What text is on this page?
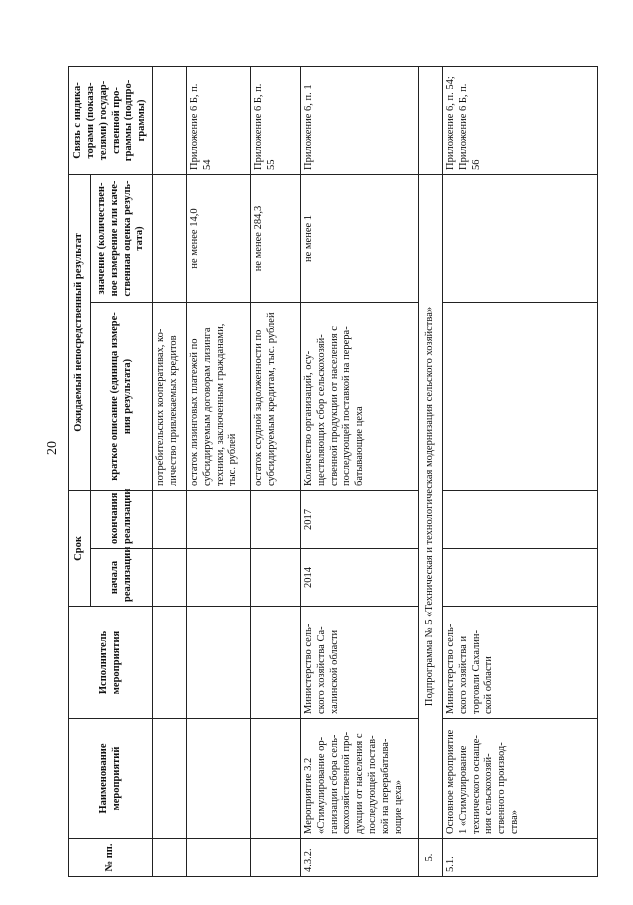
20
№ пп.	Наименование мероприятий	Исполнитель мероприятия	Срок		Ожидаемый непосредственный результат		Связь с индика-торами (показа-телями) государ-ственной про-граммы (подпро-граммы)
			начала реализации	окончания реализации	краткое описание (единица измере-ния результата)	значение (количествен-ное измерение или каче-ственная оценка резуль-тата)	
					потребительских кооперативах, ко-личество привлекаемых кредитов		
					остаток лизинговых платежей по субсидируемым договорам лизинга техники, заключенным гражданами, тыс. рублей	не менее 14,0	Приложение 6 Б, п. 54
					остаток ссудной задолженности по субсидируемым кредитам, тыс. рублей	не менее 284,3	Приложение 6 Б, п. 55
4.3.2.	Мероприятие 3.2 «Стимулирование ор-ганизации сбора сель-скохозяйственной про-дукции от населения с последующей постав-кой на перерабатыва-ющие цеха»	Министерство сель-ского хозяйства Са-халинской области	2014	2017	Количество организаций, осу-ществляющих сбор сельскохозяй-ственной продукции от населения с последующей поставкой на перера-батывающие цеха	не менее 1	Приложение 6, п. 1
5.	Подпрограмма № 5 «Техническая и технологическая модернизация сельского хозяйства»						
5.1.	Основное мероприятие 1 «Стимулирование технического оснаще-ния сельскохозяй-ственного производ-ства»	Министерство сель-ского хозяйства и торговли Сахалин-ской области					Приложение 6, п. 54; Приложение 6 Б, п. 56
